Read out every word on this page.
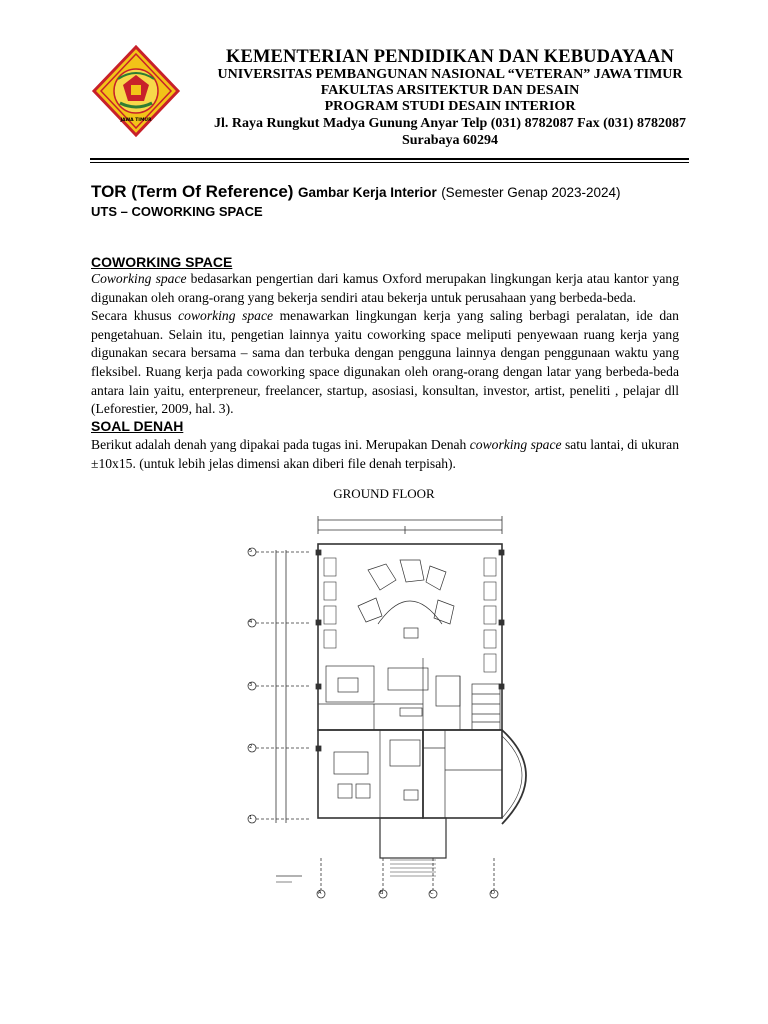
JAWA TIMUR
KEMENTERIAN PENDIDIKAN DAN KEBUDAYAAN
UNIVERSITAS PEMBANGUNAN NASIONAL “VETERAN” JAWA TIMUR
FAKULTAS ARSITEKTUR DAN DESAIN
PROGRAM STUDI DESAIN INTERIOR
Jl. Raya Rungkut Madya Gunung Anyar Telp (031) 8782087 Fax (031) 8782087
Surabaya 60294
TOR (Term Of Reference) Gambar Kerja Interior (Semester Genap 2023-2024)
UTS – COWORKING SPACE
COWORKING SPACE
Coworking space bedasarkan pengertian dari kamus Oxford merupakan lingkungan kerja atau kantor yang digunakan oleh orang-orang yang bekerja sendiri atau bekerja untuk perusahaan yang berbeda-beda.
Secara khusus coworking space menawarkan lingkungan kerja yang saling berbagi peralatan, ide dan pengetahuan. Selain itu, pengetian lainnya yaitu coworking space meliputi penyewaan ruang kerja yang digunakan secara bersama – sama dan terbuka dengan pengguna lainnya dengan penggunaan waktu yang fleksibel. Ruang kerja pada coworking space digunakan oleh orang-orang dengan latar yang berbeda-beda antara lain yaitu, enterpreneur, freelancer, startup, asosiasi, konsultan, investor, artist, peneliti , pelajar dll (Leforestier, 2009, hal. 3).
SOAL DENAH
Berikut adalah denah yang dipakai pada tugas ini. Merupakan Denah coworking space satu lantai, di ukuran
±10x15. (untuk lebih jelas dimensi akan diberi file denah terpisah).
GROUND FLOOR
5
4
3
2
1
A	B	C	D
